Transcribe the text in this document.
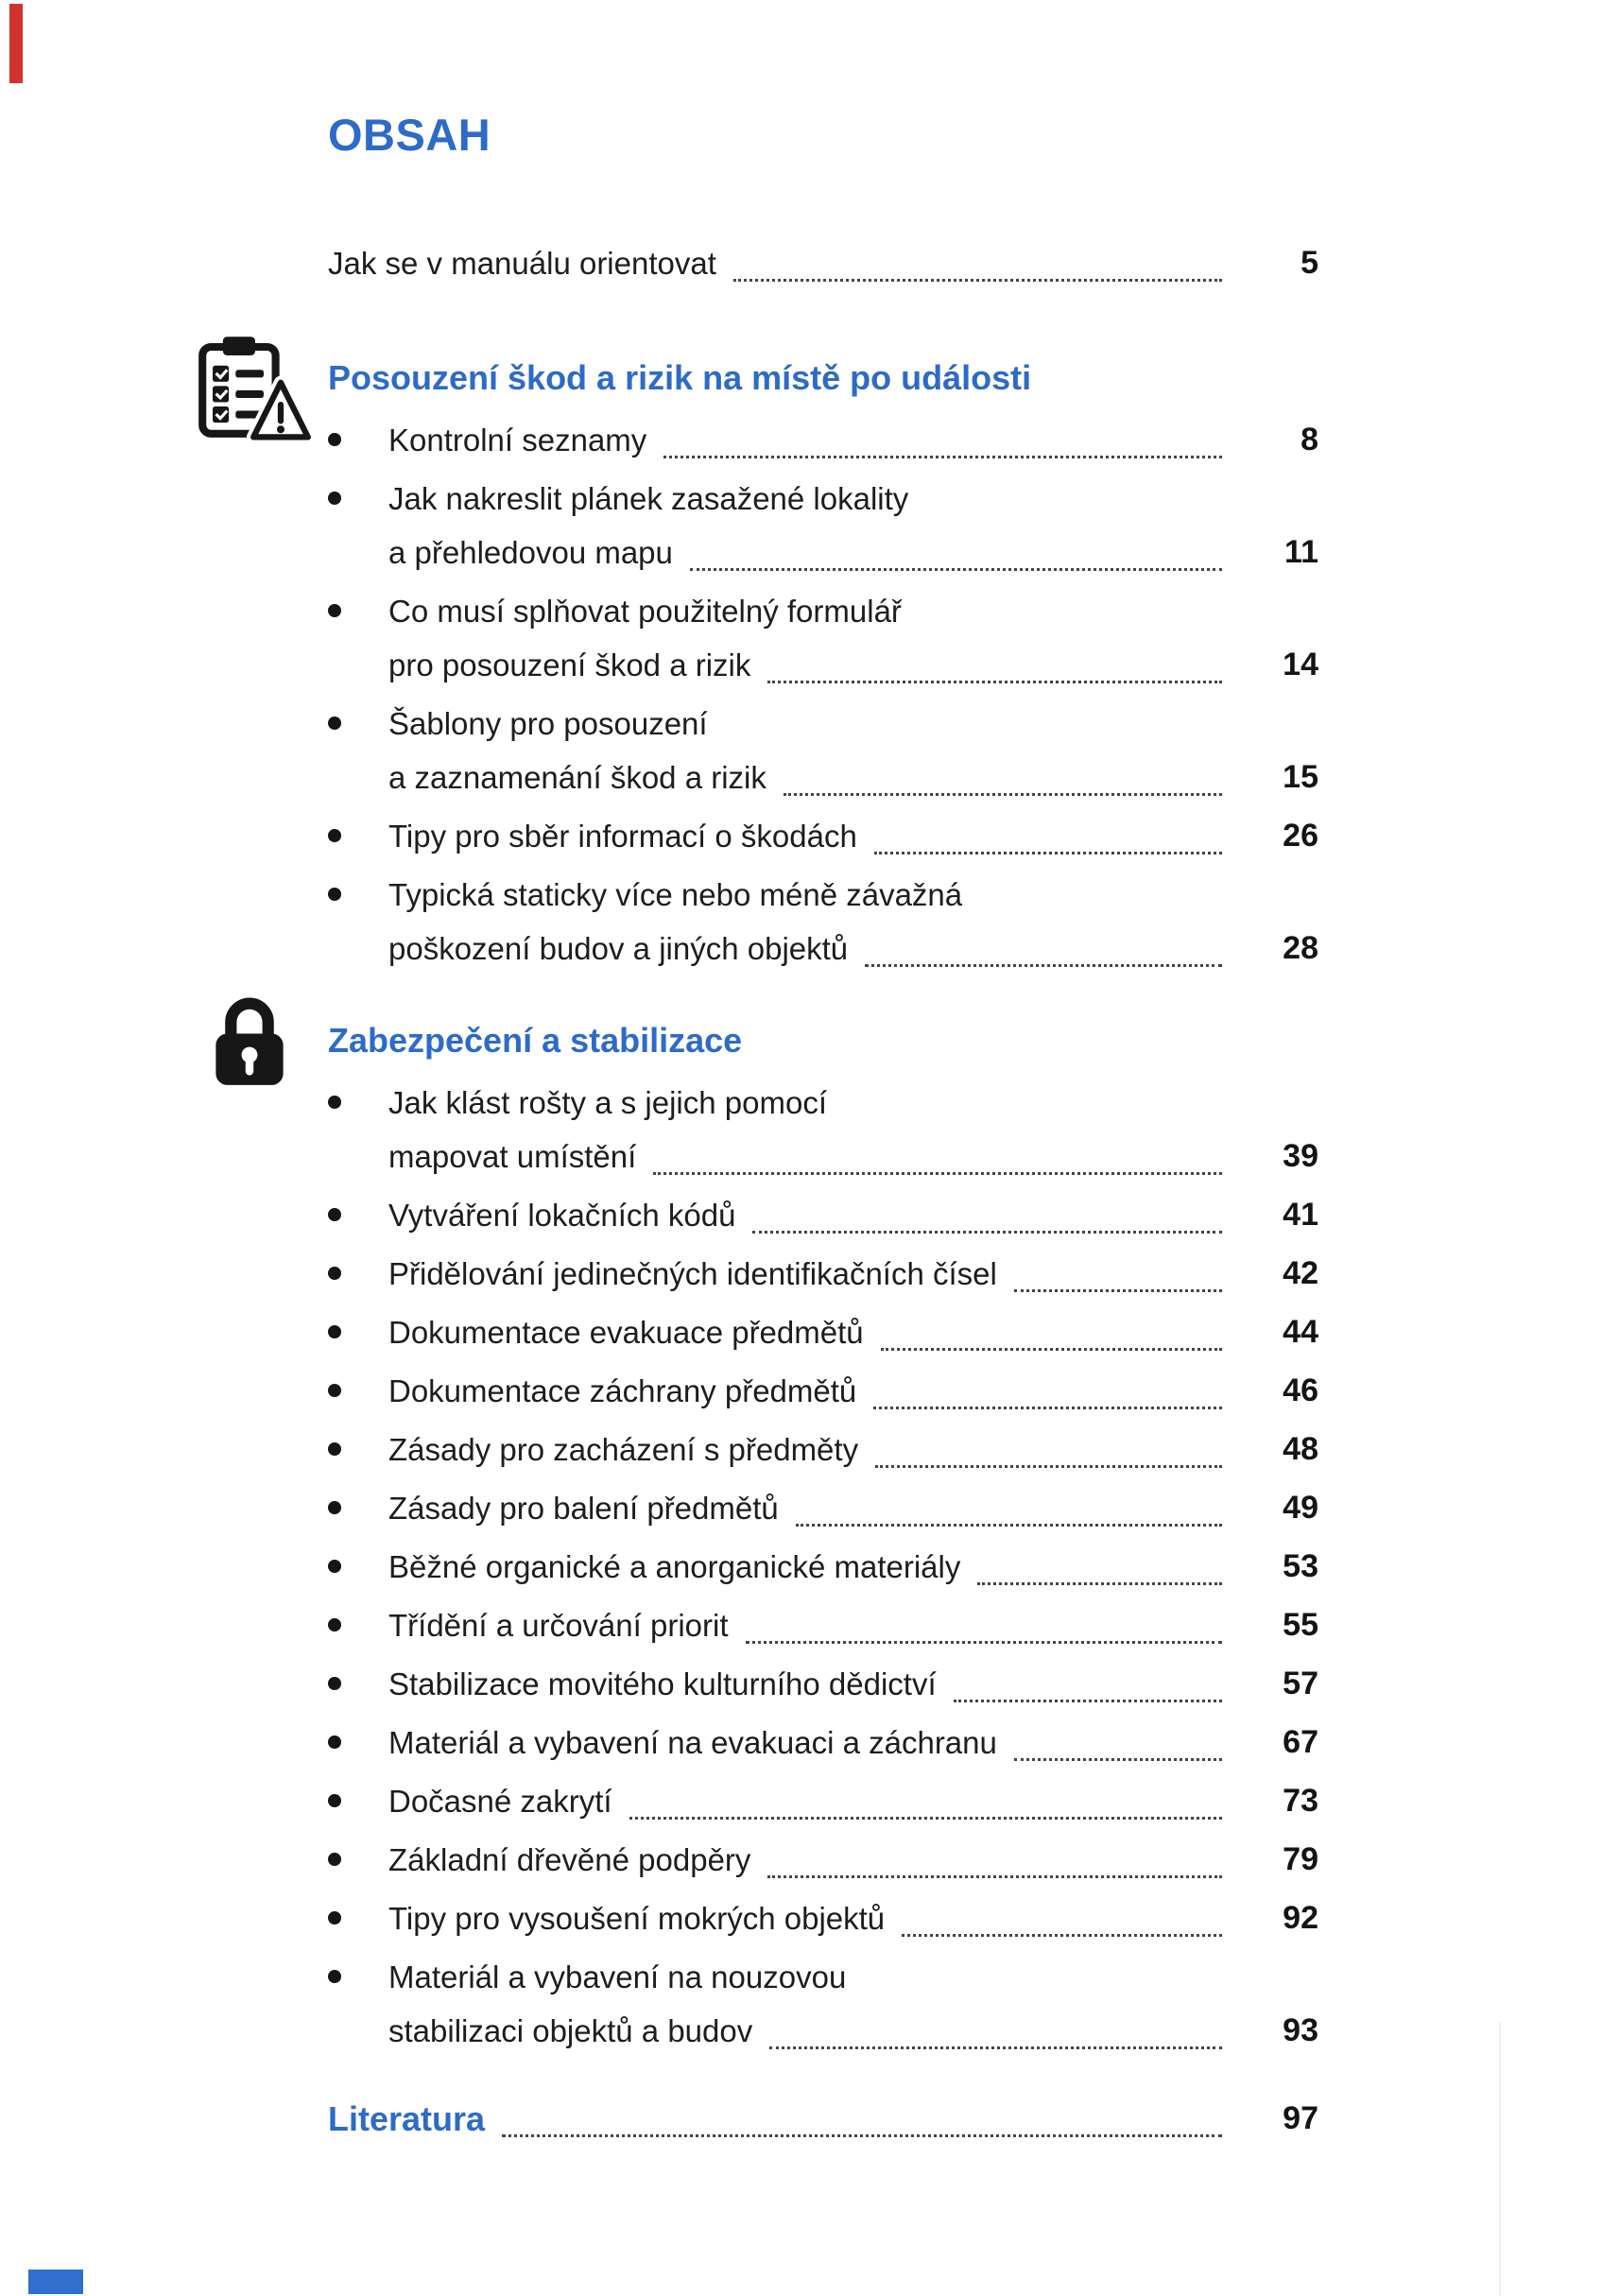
OBSAH
Jak se v manuálu orientovat	5
Posouzení škod a rizik na místě po události
Kontrolní seznamy	8
Jak nakreslit plánek zasažené lokality
a přehledovou mapu	11
Co musí splňovat použitelný formulář
pro posouzení škod a rizik	14
Šablony pro posouzení
a zaznamenání škod a rizik	15
Tipy pro sběr informací o škodách	26
Typická staticky více nebo méně závažná
poškození budov a jiných objektů	28
Zabezpečení a stabilizace
Jak klást rošty a s jejich pomocí
mapovat umístění	39
Vytváření lokačních kódů	41
Přidělování jedinečných identifikačních čísel	42
Dokumentace evakuace předmětů	44
Dokumentace záchrany předmětů	46
Zásady pro zacházení s předměty	48
Zásady pro balení předmětů	49
Běžné organické a anorganické materiály	53
Třídění a určování priorit	55
Stabilizace movitého kulturního dědictví	57
Materiál a vybavení na evakuaci a záchranu	67
Dočasné zakrytí	73
Základní dřevěné podpěry	79
Tipy pro vysoušení mokrých objektů	92
Materiál a vybavení na nouzovou
stabilizaci objektů a budov	93
Literatura	97
